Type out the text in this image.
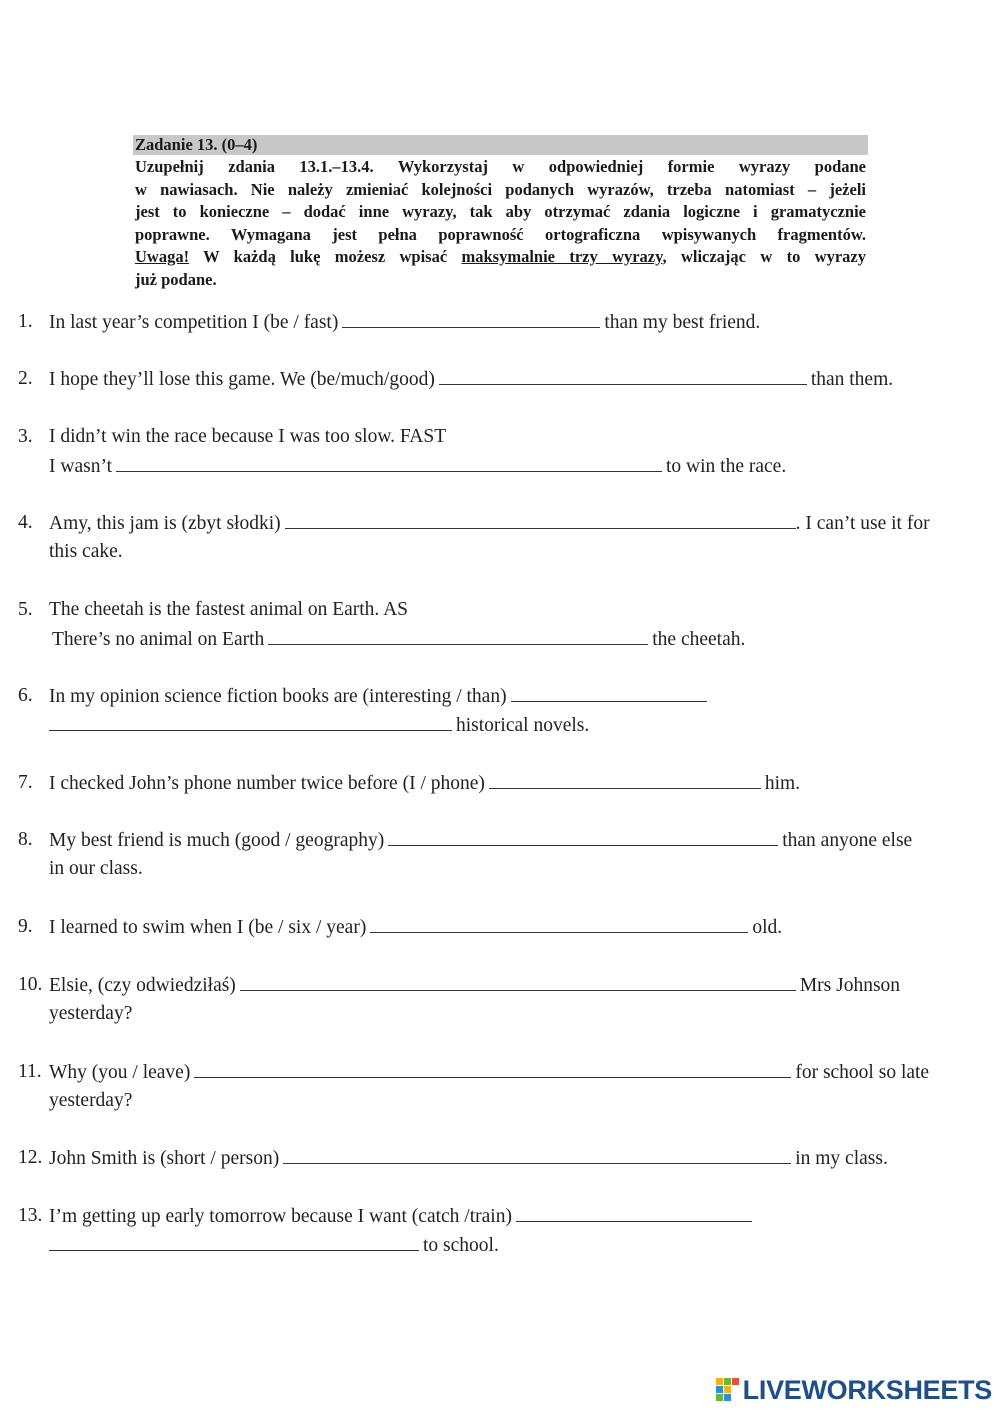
Zadanie 13. (0–4)
Uzupełnij zdania 13.1.–13.4. Wykorzystaj w odpowiedniej formie wyrazy podane
w nawiasach. Nie należy zmieniać kolejności podanych wyrazów, trzeba natomiast – jeżeli
jest to konieczne – dodać inne wyrazy, tak aby otrzymać zdania logiczne i gramatycznie
poprawne. Wymagana jest pełna poprawność ortograficzna wpisywanych fragmentów.
Uwaga! W każdą lukę możesz wpisać maksymalnie trzy wyrazy, wliczając w to wyrazy
już podane.
1. In last year’s competition I (be / fast)	than my best friend.
2. I hope they’ll lose this game. We (be/much/good)	than them.
3. I didn’t win the race because I was too slow. FAST
I wasn’t	to win the race.
4. Amy, this jam is (zbyt słodki)	. I can’t use it for
this cake.
5. The cheetah is the fastest animal on Earth. AS
There’s no animal on Earth	the cheetah.
6. In my opinion science fiction books are (interesting / than)
historical novels.
7. I checked John’s phone number twice before (I / phone)	him.
8. My best friend is much (good / geography)	than anyone else
in our class.
9. I learned to swim when I (be / six / year)	old.
10. Elsie, (czy odwiedziłaś)	Mrs Johnson
yesterday?
11. Why (you / leave)	for school so late
yesterday?
12. John Smith is (short / person)	in my class.
13. I’m getting up early tomorrow because I want (catch /train)
to school.
LIVEWORKSHEETS
